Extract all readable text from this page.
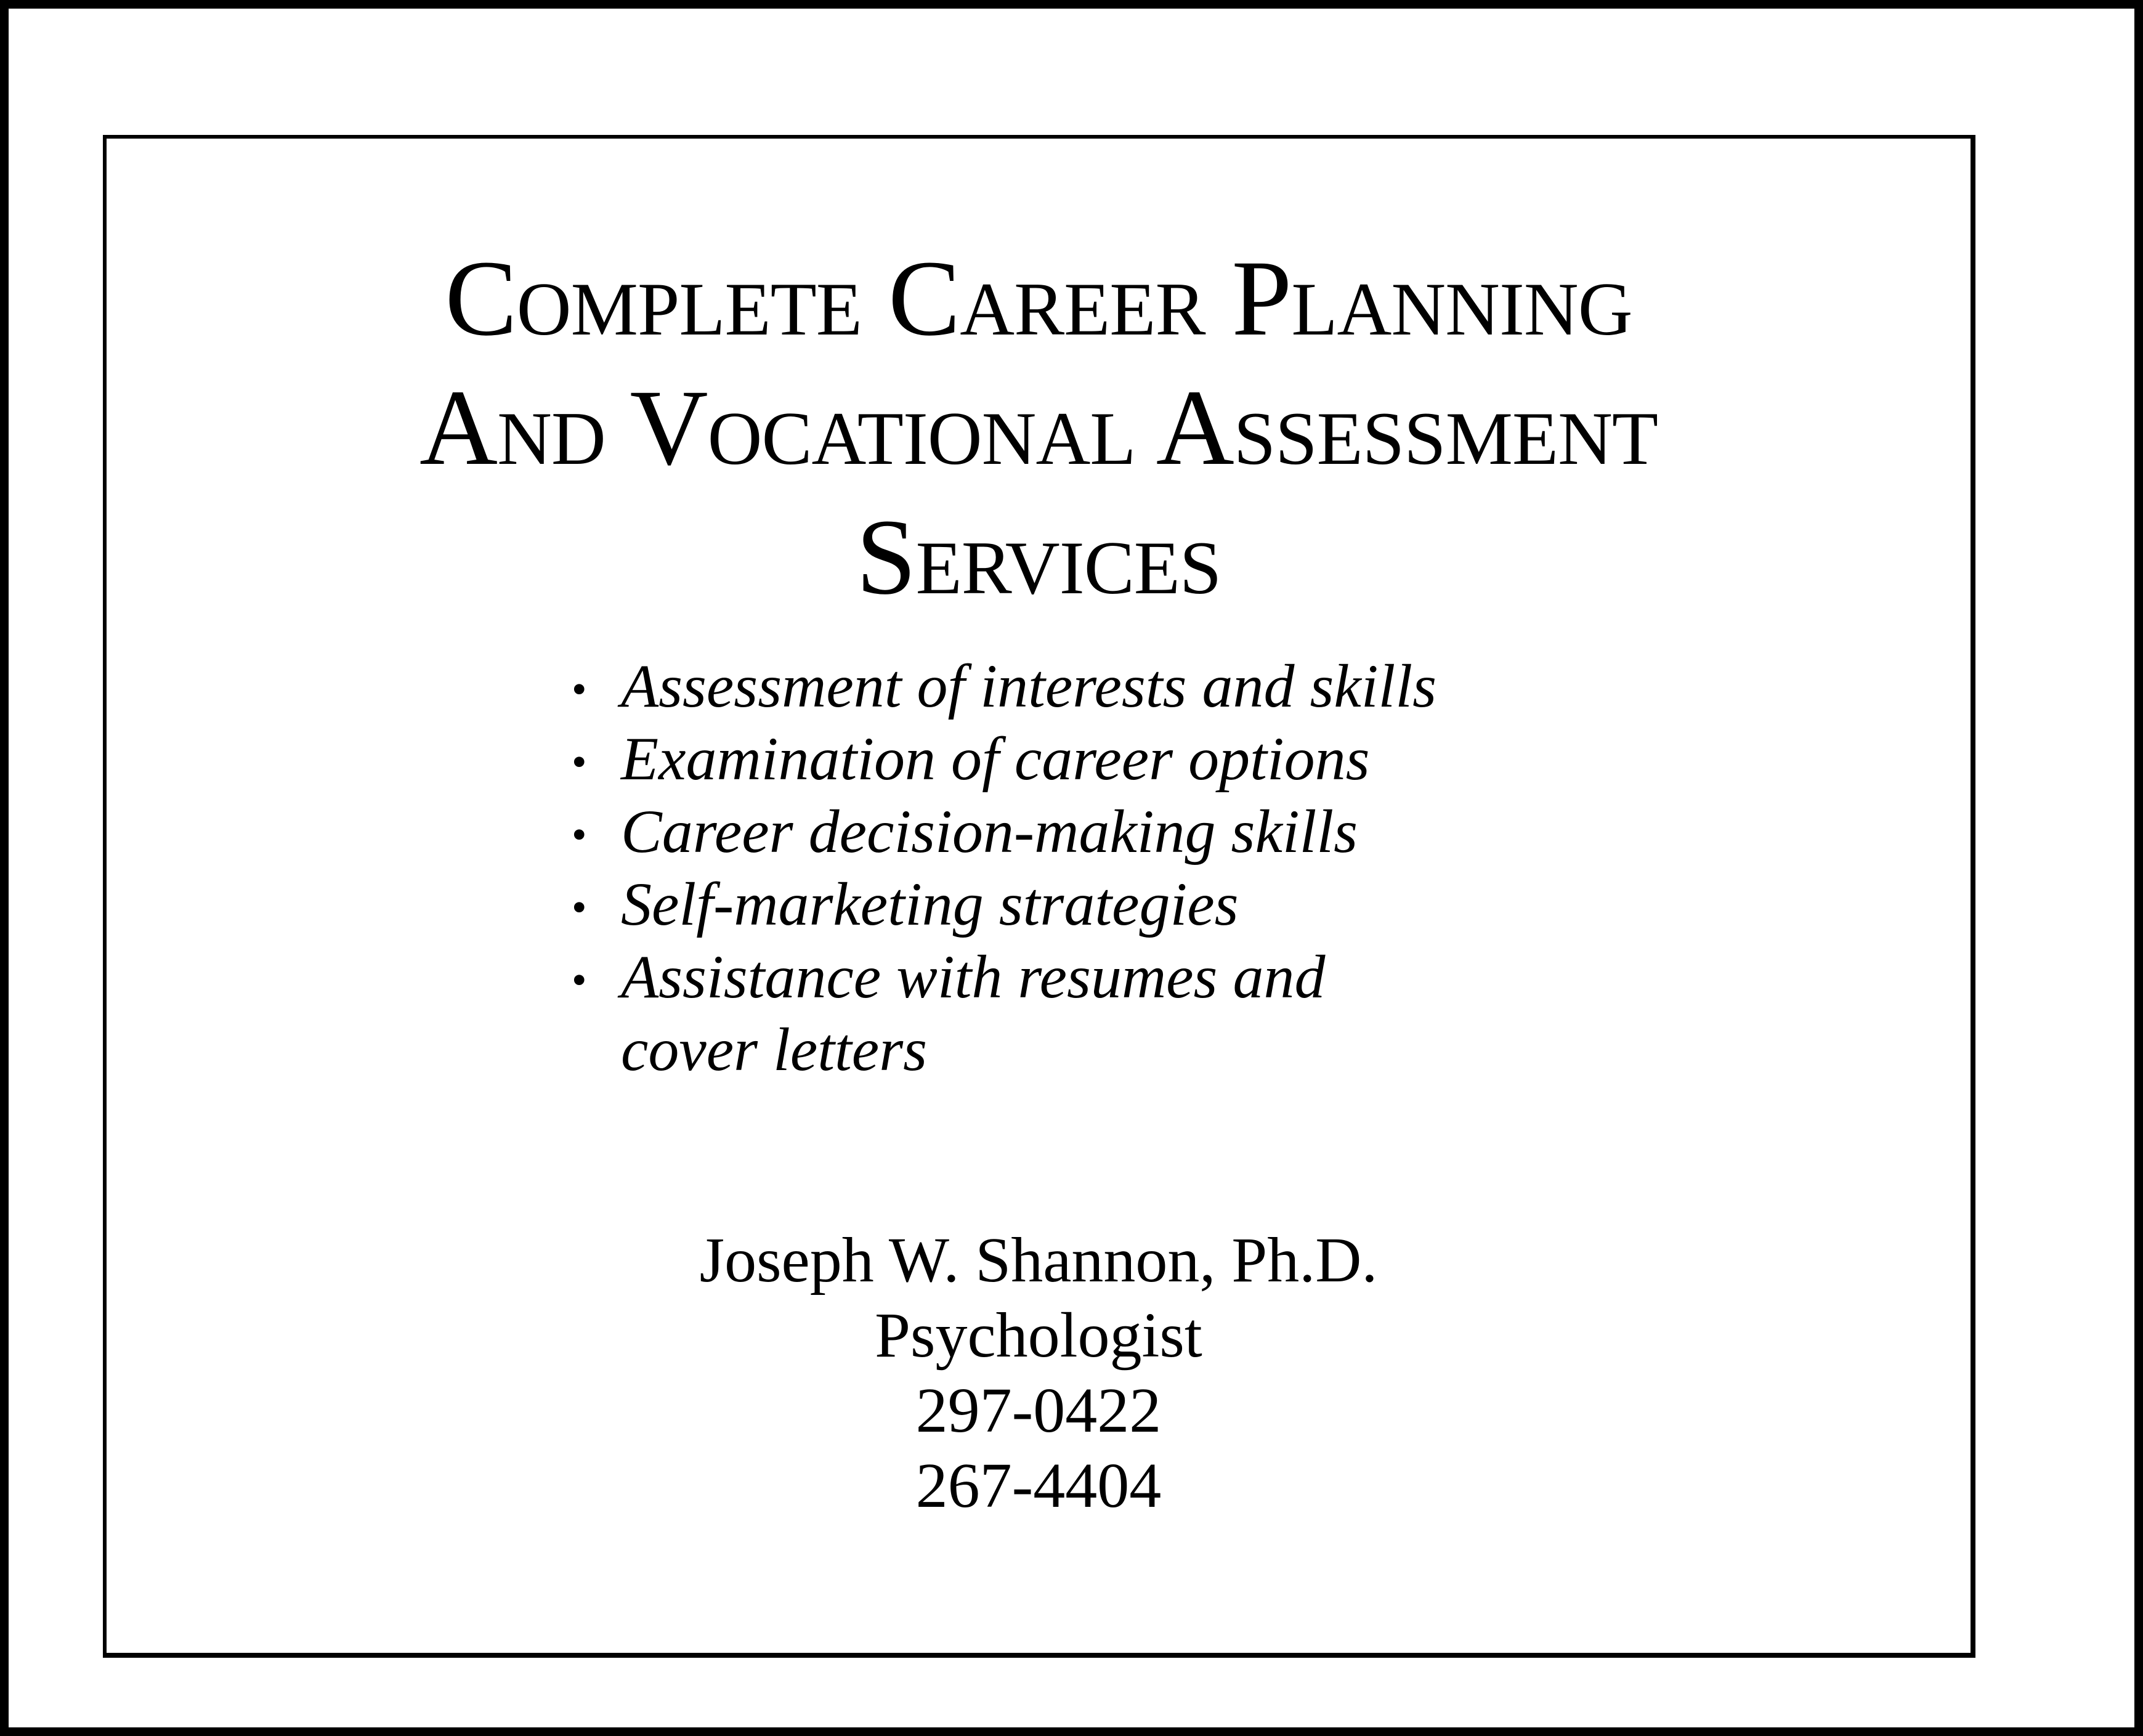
Complete Career Planning
And Vocational Assessment
Services
• Assessment of interests and skills
• Examination of career options
• Career decision-making skills
• Self-marketing strategies
• Assistance with resumes and
cover letters
Joseph W. Shannon, Ph.D.
Psychologist
297-0422
267-4404
